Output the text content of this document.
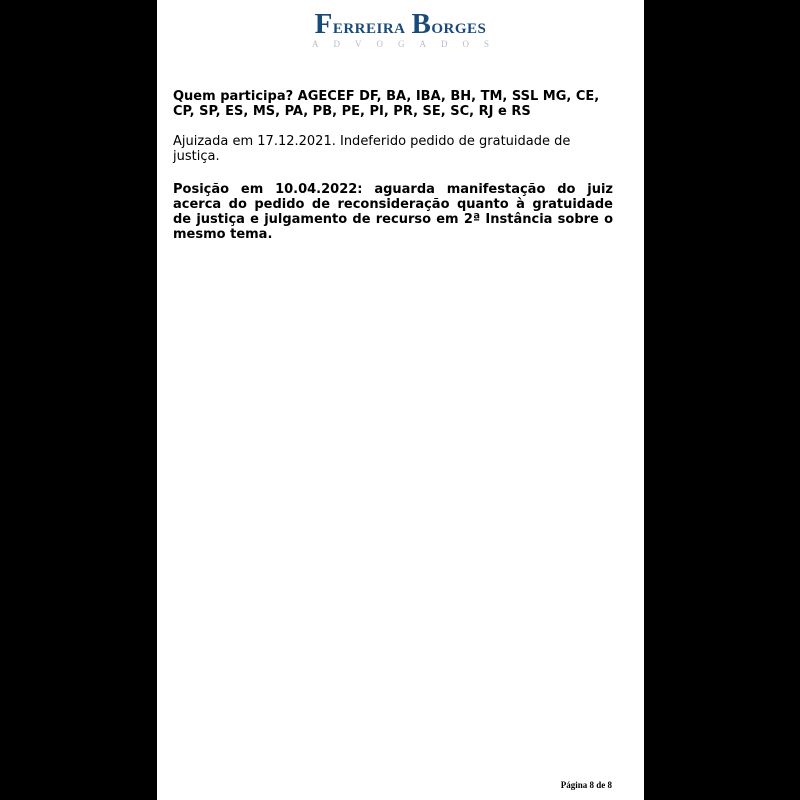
Ferreira Borges
ADVOGADOS

Quem participa? AGECEF DF, BA, IBA, BH, TM, SSL MG, CE, CP, SP, ES, MS, PA, PB, PE, PI, PR, SE, SC, RJ e RS

Ajuizada em 17.12.2021. Indeferido pedido de gratuidade de justiça.

Posição em 10.04.2022: aguarda manifestação do juiz acerca do pedido de reconsideração quanto à gratuidade de justiça e julgamento de recurso em 2ª Instância sobre o mesmo tema.

Página 8 de 8
